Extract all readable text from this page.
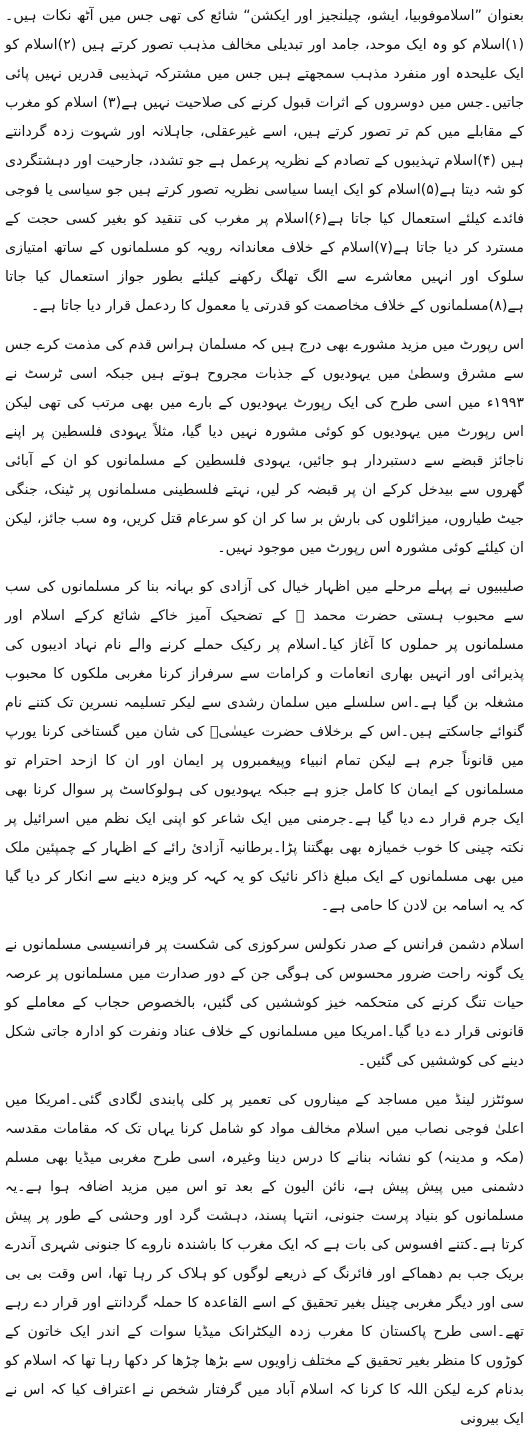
بعنوان ”اسلاموفوبیا، ایشو، چیلنجیز اور ایکشن“ شائع کی تھی جس میں آٹھ نکات ہیں۔(۱)اسلام کو وہ ایک موحد، جامد اور تبدیلی مخالف مذہب تصور کرتے ہیں (۲)اسلام کو ایک علیحدہ اور منفرد مذہب سمجھتے ہیں جس میں مشترکہ تہذیبی قدریں نہیں پائی جاتیں۔جس میں دوسروں کے اثرات قبول کرنے کی صلاحیت نہیں ہے(۳) اسلام کو مغرب کے مقابلے میں کم تر تصور کرتے ہیں، اسے غیرعقلی، جاہلانہ اور شہوت زدہ گردانتے ہیں (۴)اسلام تہذیبوں کے تصادم کے نظریہ پرعمل ہے جو تشدد، جارحیت اور دہشتگردی کو شہ دیتا ہے(۵)اسلام کو ایک ایسا سیاسی نظریہ تصور کرتے ہیں جو سیاسی یا فوجی فائدے کیلئے استعمال کیا جاتا ہے(۶)اسلام پر مغرب کی تنقید کو بغیر کسی حجت کے مسترد کر دیا جاتا ہے(۷)اسلام کے خلاف معاندانہ رویہ کو مسلمانوں کے ساتھ امتیازی سلوک اور انہیں معاشرے سے الگ تھلگ رکھنے کیلئے بطور جواز استعمال کیا جاتا ہے(۸)مسلمانوں کے خلاف مخاصمت کو قدرتی یا معمول کا ردعمل قرار دیا جاتا ہے۔

اس رپورٹ میں مزید مشورے بھی درج ہیں کہ مسلمان ہراس قدم کی مذمت کرے جس سے مشرق وسطیٰ میں یہودیوں کے جذبات مجروح ہوتے ہیں جبکہ اسی ٹرسٹ نے ۱۹۹۳ء میں اسی طرح کی ایک رپورٹ یہودیوں کے بارے میں بھی مرتب کی تھی لیکن اس رپورٹ میں یہودیوں کو کوئی مشورہ نہیں دیا گیا، مثلاً یہودی فلسطین پر اپنے ناجائز قبضے سے دستبردار ہو جائیں، یہودی فلسطین کے مسلمانوں کو ان کے آبائی گھروں سے بیدخل کرکے ان پر قبضہ کر لیں، نہتے فلسطینی مسلمانوں پر ٹینک، جنگی جیٹ طیاروں، میزائلوں کی بارش بر سا کر ان کو سرعام قتل کریں، وہ سب جائز، لیکن ان کیلئے کوئی مشورہ اس رپورٹ میں موجود نہیں۔

صلیبیوں نے پہلے مرحلے میں اظہار خیال کی آزادی کو بہانہ بنا کر مسلمانوں کی سب سے محبوب ہستی حضرت محمد ﷺ کے تضحیک آمیز خاکے شائع کرکے اسلام اور مسلمانوں پر حملوں کا آغاز کیا۔اسلام پر رکیک حملے کرنے والے نام نہاد ادیبوں کی پذیرائی اور انہیں بھاری انعامات و کرامات سے سرفراز کرنا مغربی ملکوں کا محبوب مشغلہ بن گیا ہے۔اس سلسلے میں سلمان رشدی سے لیکر تسلیمہ نسرین تک کتنے نام گنوائے جاسکتے ہیں۔اس کے برخلاف حضرت عیسٰیؑ کی شان میں گستاخی کرنا یورپ میں قانوناً جرم ہے لیکن تمام انبیاء وپیغمبروں پر ایمان اور ان کا ازحد احترام تو مسلمانوں کے ایمان کا کامل جزو ہے جبکہ یہودیوں کی ہولوکاسٹ پر سوال کرنا بھی ایک جرم قرار دے دیا گیا ہے۔جرمنی میں ایک شاعر کو اپنی ایک نظم میں اسرائیل پر نکتہ چینی کا خوب خمیازہ بھی بھگتنا پڑا۔برطانیہ آزادئ رائے کے اظہار کے چمپئین ملک میں بھی مسلمانوں کے ایک مبلغ ذاکر نائیک کو یہ کہہ کر ویزہ دینے سے انکار کر دیا گیا کہ یہ اسامہ بن لادن کا حامی ہے۔

اسلام دشمن فرانس کے صدر نکولس سرکوزی کی شکست پر فرانسیسی مسلمانوں نے یک گونہ راحت ضرور محسوس کی ہوگی جن کے دور صدارت میں مسلمانوں پر عرصہ حیات تنگ کرنے کی متحکمہ خیز کوششیں کی گئیں، بالخصوص حجاب کے معاملے کو قانونی قرار دے دیا گیا۔امریکا میں مسلمانوں کے خلاف عناد ونفرت کو ادارہ جاتی شکل دینے کی کوششیں کی گئیں۔

سوئٹزر لینڈ میں مساجد کے میناروں کی تعمیر پر کلی پابندی لگادی گئی۔امریکا میں اعلیٰ فوجی نصاب میں اسلام مخالف مواد کو شامل کرنا یہاں تک کہ مقامات مقدسہ (مکہ و مدینہ) کو نشانہ بنانے کا درس دینا وغیرہ، اسی طرح مغربی میڈیا بھی مسلم دشمنی میں پیش پیش ہے، نائن الیون کے بعد تو اس میں مزید اضافہ ہوا ہے۔یہ مسلمانوں کو بنیاد پرست جنونی، انتہا پسند، دہشت گرد اور وحشی کے طور پر پیش کرتا ہے۔کتنے افسوس کی بات ہے کہ ایک مغرب کا باشندہ ناروے کا جنونی شہری آندرے بریک جب بم دھماکے اور فائرنگ کے ذریعے لوگوں کو ہلاک کر رہا تھا، اس وقت بی بی سی اور دیگر مغربی چینل بغیر تحقیق کے اسے القاعدہ کا حملہ گردانتے اور قرار دے رہے تھے۔اسی طرح پاکستان کا مغرب زدہ الیکٹرانک میڈیا سوات کے اندر ایک خاتون کے کوڑوں کا منظر بغیر تحقیق کے مختلف زاویوں سے بڑھا چڑھا کر دکھا رہا تھا کہ اسلام کو بدنام کرے لیکن اللہ کا کرنا کہ اسلام آباد میں گرفتار شخص نے اعتراف کیا کہ اس نے ایک بیرونی
